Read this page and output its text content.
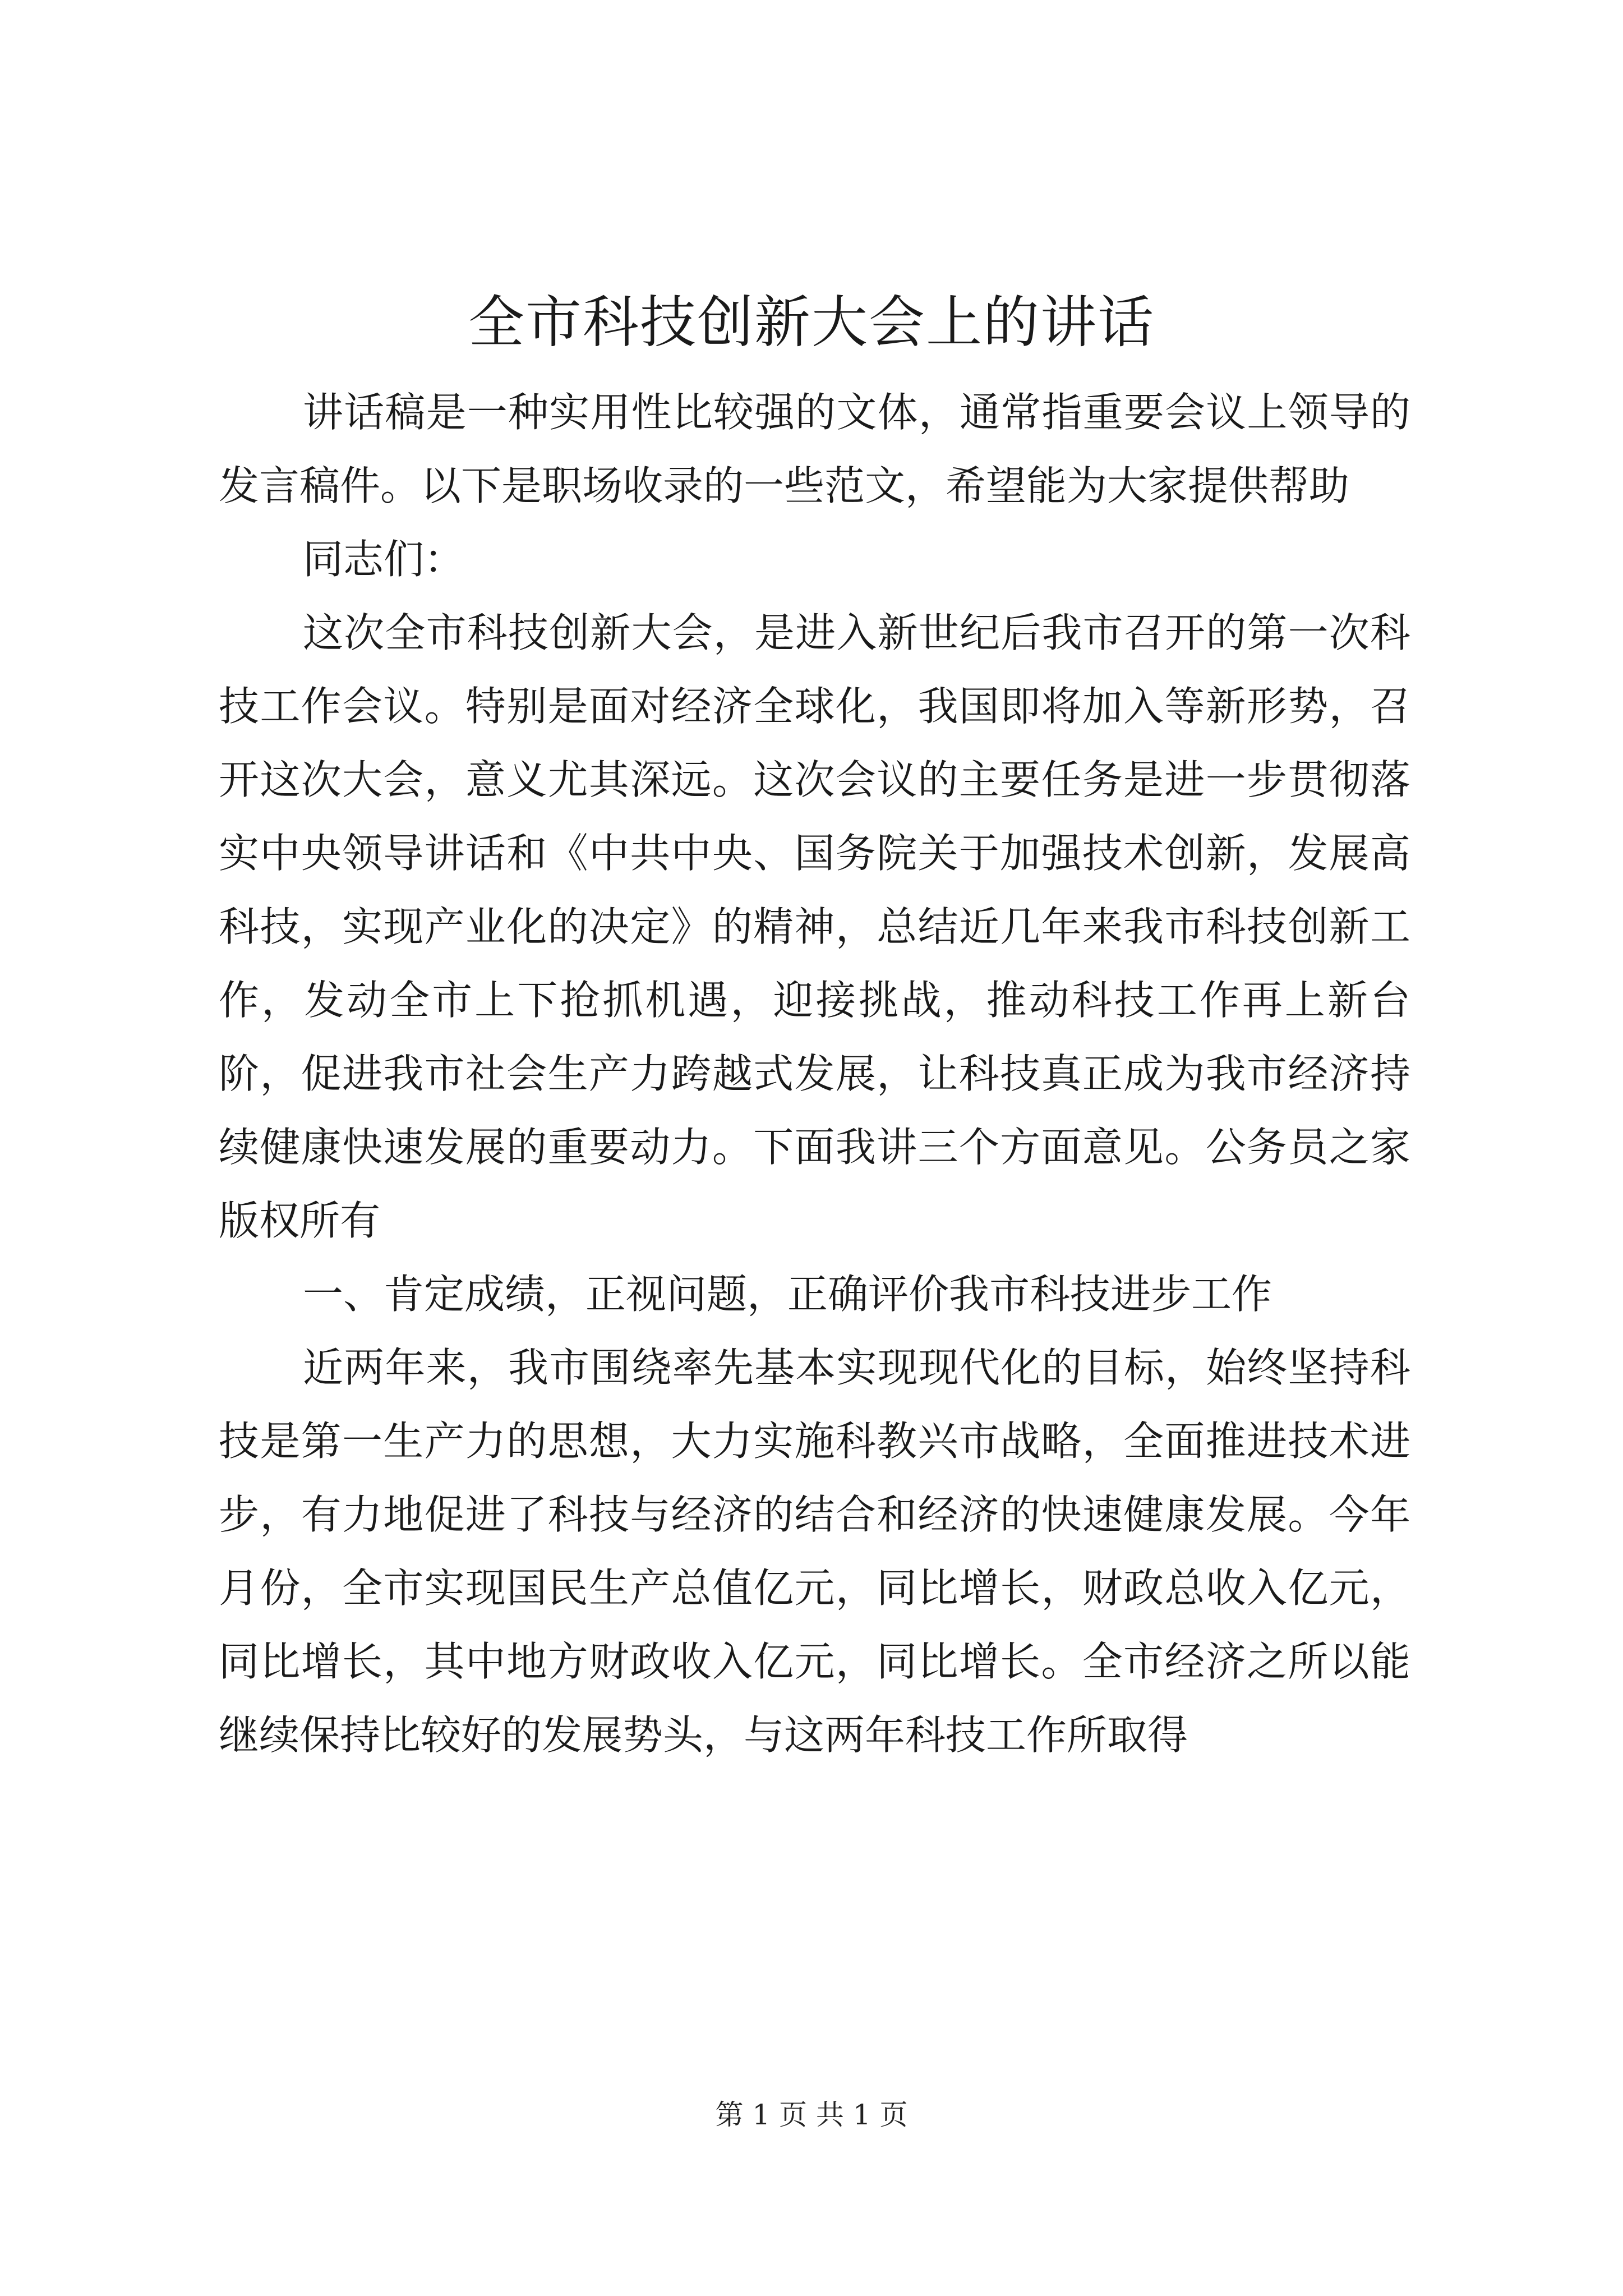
全市科技创新大会上的讲话

讲话稿是一种实用性比较强的文体，通常指重要会议上领导的发言稿件。以下是职场收录的一些范文，希望能为大家提供帮助

同志们：

这次全市科技创新大会，是进入新世纪后我市召开的第一次科技工作会议。特别是面对经济全球化，我国即将加入等新形势，召开这次大会，意义尤其深远。这次会议的主要任务是进一步贯彻落实中央领导讲话和《中共中央、国务院关于加强技术创新，发展高科技，实现产业化的决定》的精神，总结近几年来我市科技创新工作，发动全市上下抢抓机遇，迎接挑战，推动科技工作再上新台阶，促进我市社会生产力跨越式发展，让科技真正成为我市经济持续健康快速发展的重要动力。下面我讲三个方面意见。公务员之家版权所有

一、肯定成绩，正视问题，正确评价我市科技进步工作

近两年来，我市围绕率先基本实现现代化的目标，始终坚持科技是第一生产力的思想，大力实施科教兴市战略，全面推进技术进步，有力地促进了科技与经济的结合和经济的快速健康发展。今年月份，全市实现国民生产总值亿元，同比增长，财政总收入亿元，同比增长，其中地方财政收入亿元，同比增长。全市经济之所以能继续保持比较好的发展势头，与这两年科技工作所取得

第 1 页 共 1 页
